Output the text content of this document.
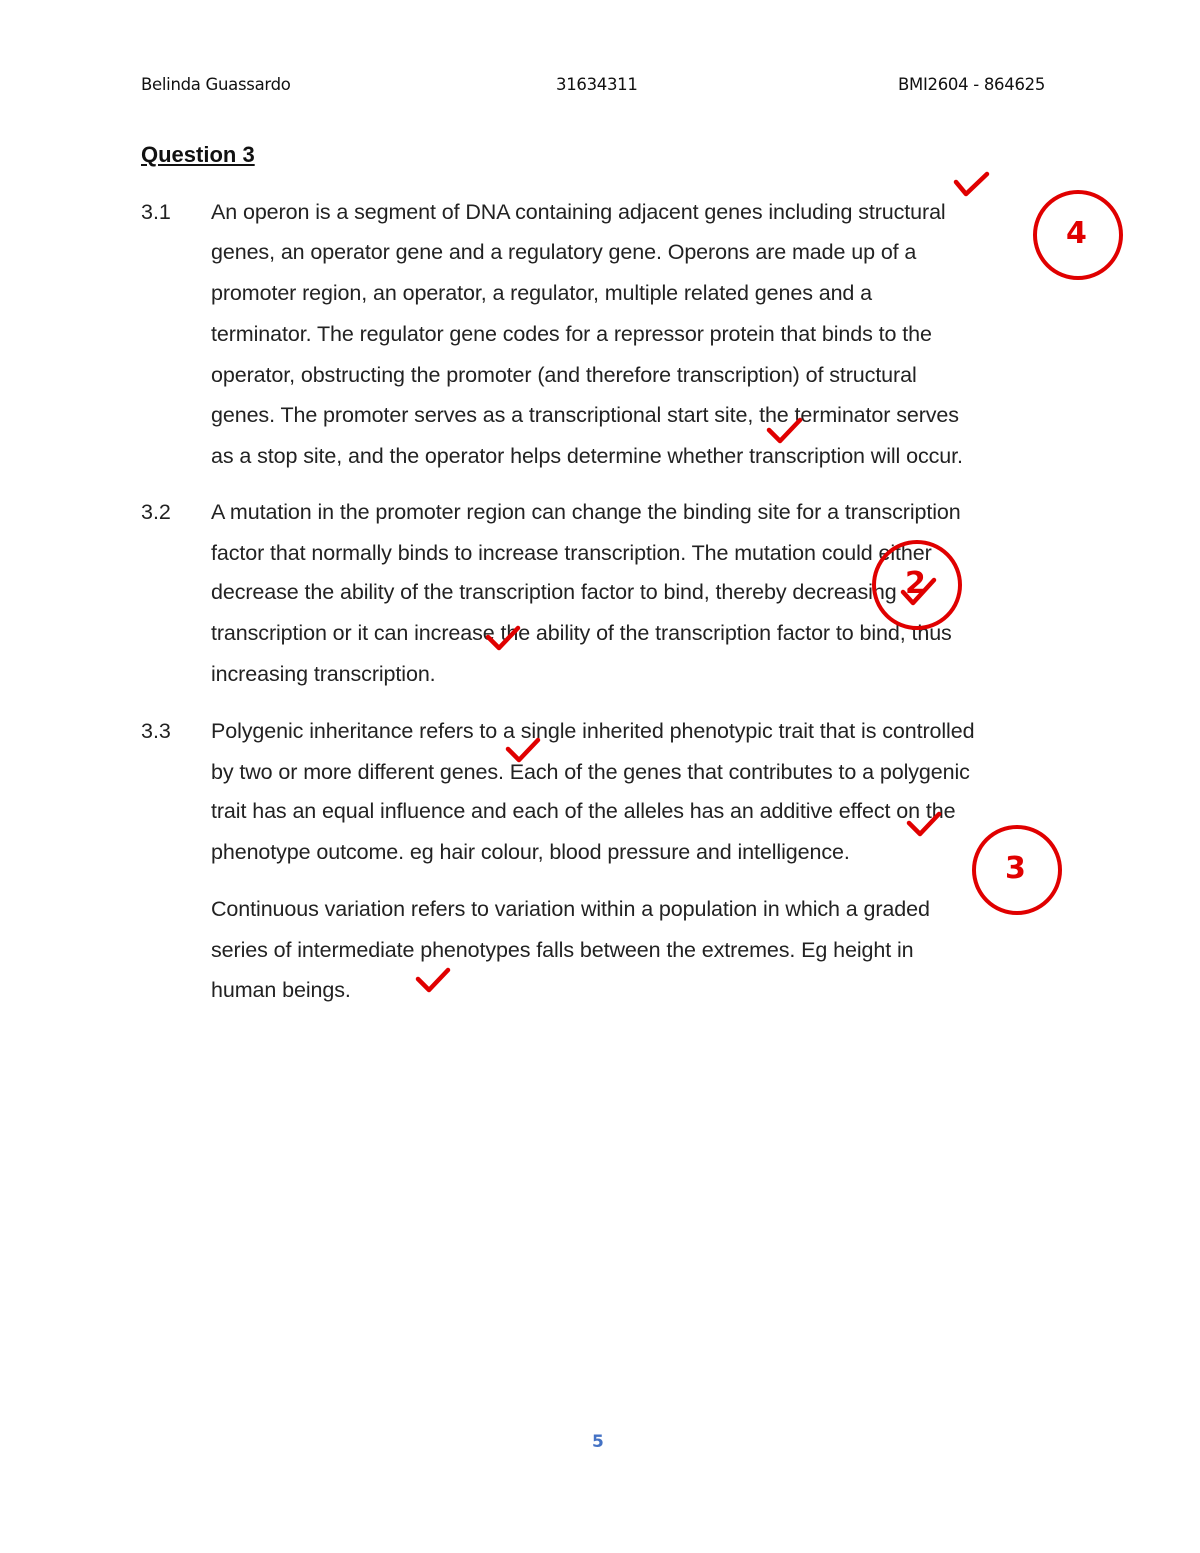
Belinda Guassardo	31634311	BMI2604 - 864625
Question 3
3.1 An operon is a segment of DNA containing adjacent genes including structural
genes, an operator gene and a regulatory gene. Operons are made up of a
promoter region, an operator, a regulator, multiple related genes and a
terminator. The regulator gene codes for a repressor protein that binds to the
operator, obstructing the promoter (and therefore transcription) of structural
genes. The promoter serves as a transcriptional start site, the terminator serves
as a stop site, and the operator helps determine whether transcription will occur.
3.2 A mutation in the promoter region can change the binding site for a transcription
factor that normally binds to increase transcription. The mutation could either
decrease the ability of the transcription factor to bind, thereby decreasing
transcription or it can increase the ability of the transcription factor to bind, thus
increasing transcription.
3.3 Polygenic inheritance refers to a single inherited phenotypic trait that is controlled
by two or more different genes. Each of the genes that contributes to a polygenic
trait has an equal influence and each of the alleles has an additive effect on the
phenotype outcome. eg hair colour, blood pressure and intelligence.
Continuous variation refers to variation within a population in which a graded
series of intermediate phenotypes falls between the extremes. Eg height in
human beings.
4
2
3
5
